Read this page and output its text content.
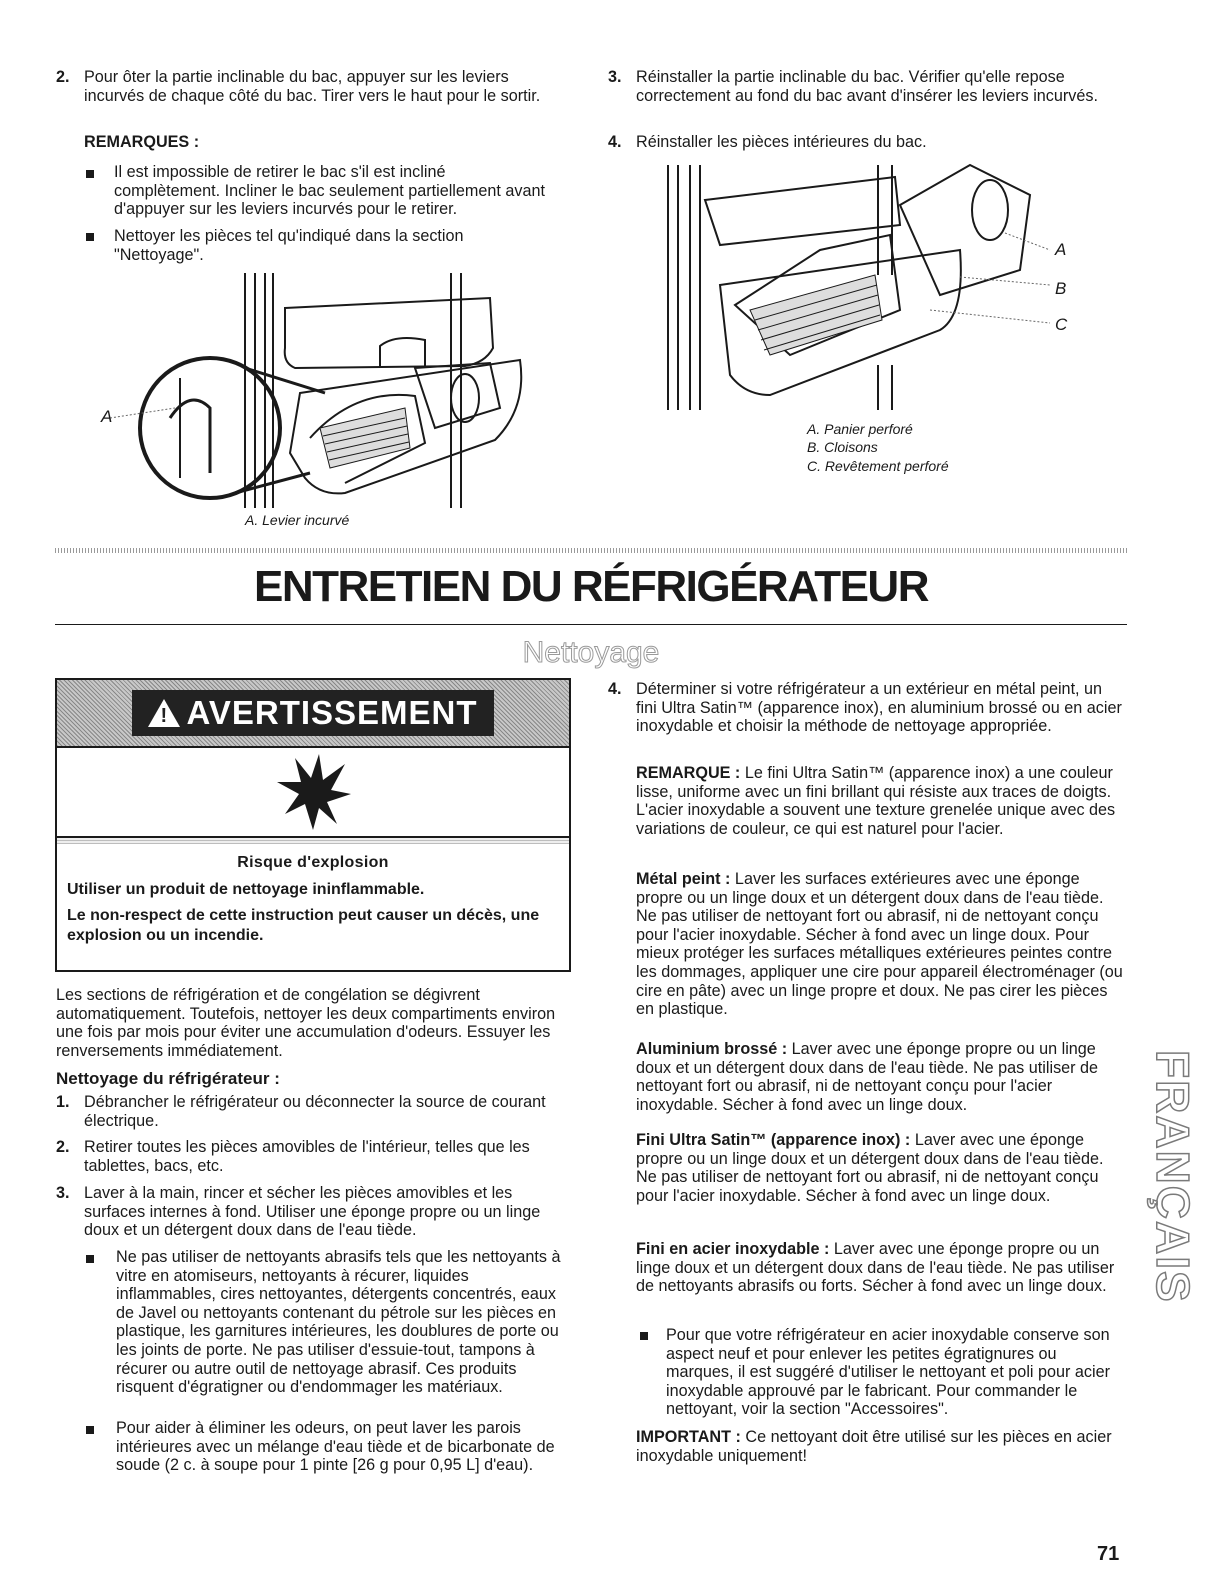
2. Pour ôter la partie inclinable du bac, appuyer sur les leviers incurvés de chaque côté du bac. Tirer vers le haut pour le sortir.
REMARQUES :
Il est impossible de retirer le bac s'il est incliné complètement. Incliner le bac seulement partiellement avant d'appuyer sur les leviers incurvés pour le retirer.
Nettoyer les pièces tel qu'indiqué dans la section "Nettoyage".
A
A. Levier incurvé
3. Réinstaller la partie inclinable du bac. Vérifier qu'elle repose correctement au fond du bac avant d'insérer les leviers incurvés.
4. Réinstaller les pièces intérieures du bac.
A
B
C
A. Panier perforé
B. Cloisons
C. Revêtement perforé
ENTRETIEN DU RÉFRIGÉRATEUR
Nettoyage
! AVERTISSEMENT
Risque d'explosion
Utiliser un produit de nettoyage ininflammable.
Le non-respect de cette instruction peut causer un décès, une explosion ou un incendie.
Les sections de réfrigération et de congélation se dégivrent automatiquement. Toutefois, nettoyer les deux compartiments environ une fois par mois pour éviter une accumulation d'odeurs. Essuyer les renversements immédiatement.
Nettoyage du réfrigérateur :
1. Débrancher le réfrigérateur ou déconnecter la source de courant électrique.
2. Retirer toutes les pièces amovibles de l'intérieur, telles que les tablettes, bacs, etc.
3. Laver à la main, rincer et sécher les pièces amovibles et les surfaces internes à fond. Utiliser une éponge propre ou un linge doux et un détergent doux dans de l'eau tiède.
Ne pas utiliser de nettoyants abrasifs tels que les nettoyants à vitre en atomiseurs, nettoyants à récurer, liquides inflammables, cires nettoyantes, détergents concentrés, eaux de Javel ou nettoyants contenant du pétrole sur les pièces en plastique, les garnitures intérieures, les doublures de porte ou les joints de porte. Ne pas utiliser d'essuie-tout, tampons à récurer ou autre outil de nettoyage abrasif. Ces produits risquent d'égratigner ou d'endommager les matériaux.
Pour aider à éliminer les odeurs, on peut laver les parois intérieures avec un mélange d'eau tiède et de bicarbonate de soude (2 c. à soupe pour 1 pinte [26 g pour 0,95 L] d'eau).
4. Déterminer si votre réfrigérateur a un extérieur en métal peint, un fini Ultra Satin™ (apparence inox), en aluminium brossé ou en acier inoxydable et choisir la méthode de nettoyage appropriée.
REMARQUE : Le fini Ultra Satin™ (apparence inox) a une couleur lisse, uniforme avec un fini brillant qui résiste aux traces de doigts. L'acier inoxydable a souvent une texture grenelée unique avec des variations de couleur, ce qui est naturel pour l'acier.
Métal peint : Laver les surfaces extérieures avec une éponge propre ou un linge doux et un détergent doux dans de l'eau tiède. Ne pas utiliser de nettoyant fort ou abrasif, ni de nettoyant conçu pour l'acier inoxydable. Sécher à fond avec un linge doux. Pour mieux protéger les surfaces métalliques extérieures peintes contre les dommages, appliquer une cire pour appareil électroménager (ou cire en pâte) avec un linge propre et doux. Ne pas cirer les pièces en plastique.
Aluminium brossé : Laver avec une éponge propre ou un linge doux et un détergent doux dans de l'eau tiède. Ne pas utiliser de nettoyant fort ou abrasif, ni de nettoyant conçu pour l'acier inoxydable. Sécher à fond avec un linge doux.
Fini Ultra Satin™ (apparence inox) : Laver avec une éponge propre ou un linge doux et un détergent doux dans de l'eau tiède. Ne pas utiliser de nettoyant fort ou abrasif, ni de nettoyant conçu pour l'acier inoxydable. Sécher à fond avec un linge doux.
Fini en acier inoxydable : Laver avec une éponge propre ou un linge doux et un détergent doux dans de l'eau tiède. Ne pas utiliser de nettoyants abrasifs ou forts. Sécher à fond avec un linge doux.
Pour que votre réfrigérateur en acier inoxydable conserve son aspect neuf et pour enlever les petites égratignures ou marques, il est suggéré d'utiliser le nettoyant et poli pour acier inoxydable approuvé par le fabricant. Pour commander le nettoyant, voir la section "Accessoires".
IMPORTANT : Ce nettoyant doit être utilisé sur les pièces en acier inoxydable uniquement!
FRANÇAIS
71
